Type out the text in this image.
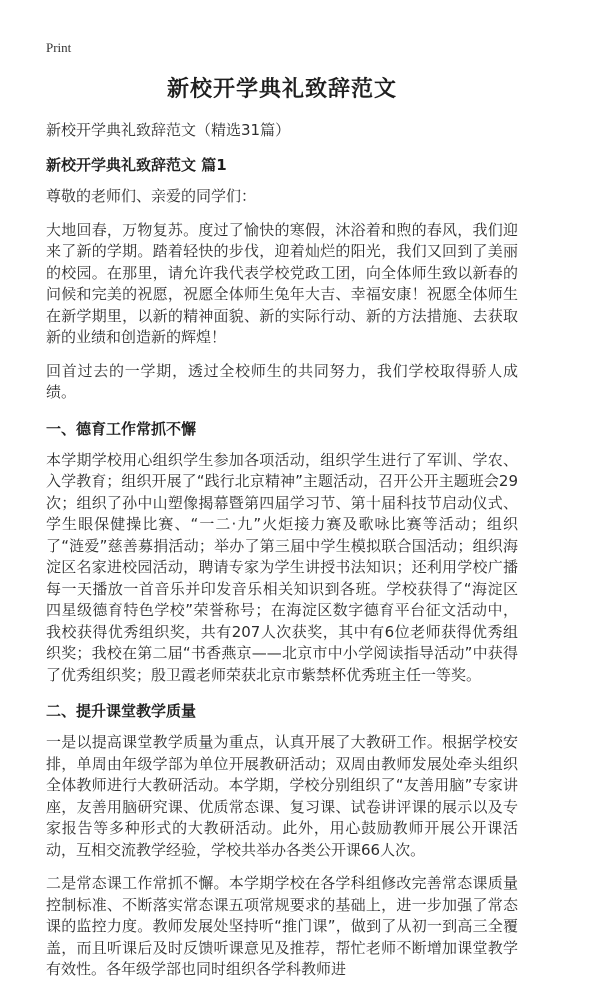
Print
新校开学典礼致辞范文

新校开学典礼致辞范文（精选31篇）

新校开学典礼致辞范文 篇1

尊敬的老师们、亲爱的同学们：

大地回春，万物复苏。度过了愉快的寒假，沐浴着和煦的春风，我们迎来了新的学期。踏着轻快的步伐，迎着灿烂的阳光，我们又回到了美丽的校园。在那里，请允许我代表学校党政工团，向全体师生致以新春的问候和完美的祝愿，祝愿全体师生兔年大吉、幸福安康！祝愿全体师生在新学期里，以新的精神面貌、新的实际行动、新的方法措施、去获取新的业绩和创造新的辉煌！

回首过去的一学期，透过全校师生的共同努力，我们学校取得骄人成绩。

一、德育工作常抓不懈

本学期学校用心组织学生参加各项活动，组织学生进行了军训、学农、入学教育；组织开展了“践行北京精神”主题活动，召开公开主题班会29次；组织了孙中山塑像揭幕暨第四届学习节、第十届科技节启动仪式、学生眼保健操比赛、“一二·九”火炬接力赛及歌咏比赛等活动；组织了“涟爱”慈善募捐活动；举办了第三届中学生模拟联合国活动；组织海淀区名家进校园活动，聘请专家为学生讲授书法知识；还利用学校广播每一天播放一首音乐并印发音乐相关知识到各班。学校获得了“海淀区四星级德育特色学校”荣誉称号；在海淀区数字德育平台征文活动中，我校获得优秀组织奖，共有207人次获奖，其中有6位老师获得优秀组织奖；我校在第二届“书香燕京——北京市中小学阅读指导活动”中获得了优秀组织奖；殷卫霞老师荣获北京市紫禁杯优秀班主任一等奖。

二、提升课堂教学质量

一是以提高课堂教学质量为重点，认真开展了大教研工作。根据学校安排，单周由年级学部为单位开展教研活动；双周由教师发展处牵头组织全体教师进行大教研活动。本学期，学校分别组织了“友善用脑”专家讲座，友善用脑研究课、优质常态课、复习课、试卷讲评课的展示以及专家报告等多种形式的大教研活动。此外，用心鼓励教师开展公开课活动，互相交流教学经验，学校共举办各类公开课66人次。

二是常态课工作常抓不懈。本学期学校在各学科组修改完善常态课质量控制标准、不断落实常态课五项常规要求的基础上，进一步加强了常态课的监控力度。教师发展处坚持听“推门课”，做到了从初一到高三全覆盖，而且听课后及时反馈听课意见及推荐，帮忙老师不断增加课堂教学有效性。各年级学部也同时组织各学科教师进
